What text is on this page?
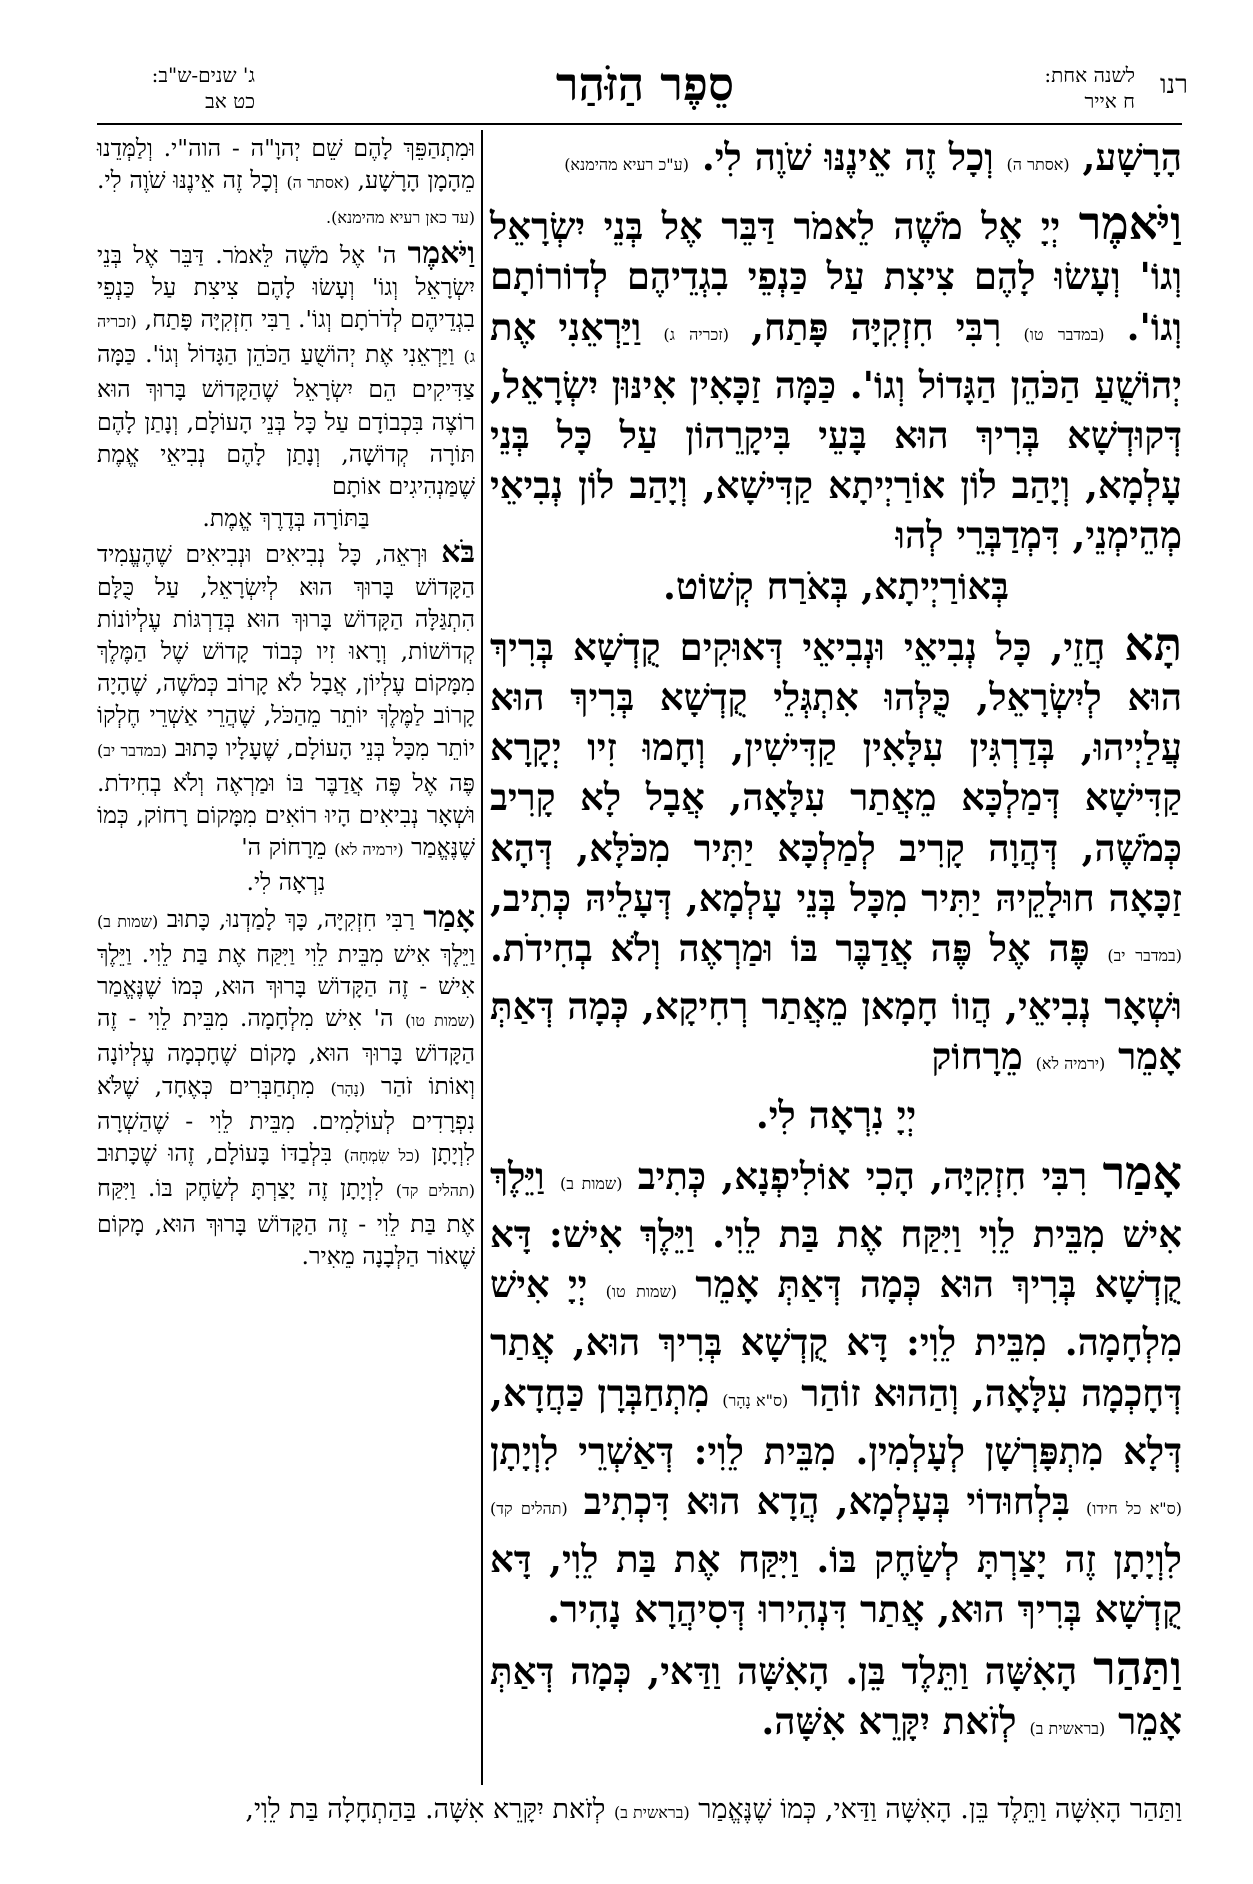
רנו
לשנה אחת:
ח אייר
סֵפֶר הַזֹּהַר
ג' שנים-ש"ב:
כט אב

הָרָשָׁע, (אסתר ה) וְכָל זֶה אֵינֶנּוּ שֹׁוֶה לִי. (ע"כ רעיא מהימנא)

וַיֹּאמֶר יְיָ אֶל מֹשֶׁה לֵאמֹר דַּבֵּר אֶל בְּנֵי יִשְׂרָאֵל וְגוֹ' וְעָשׂוּ לָהֶם צִיצִת עַל כַּנְפֵי בִגְדֵיהֶם לְדוֹרוֹתָם וְגוֹ'. (במדבר טו) רִבִּי חִזְקִיָּה פָּתַח, (זכריה ג) וַיַּרְאֵנִי אֶת יְהוֹשֻׁעַ הַכֹּהֵן הַגָּדוֹל וְגוֹ'. כַּמָּה זַכָּאִין אִינּוּן יִשְׂרָאֵל, דְּקוּדְשָׁא בְּרִיךְ הוּא בָּעֵי בִּיקָרֵהוֹן עַל כָּל בְּנֵי עָלְמָא, וְיָהַב לוֹן אוֹרַיְיתָא קַדִּישָׁא, וְיָהַב לוֹן נְבִיאֵי מְהֵימְנֵי, דִּמְדַבְּרֵי לְהוּ
בְּאוֹרַיְיתָא, בְּאֹרַח קְשׁוֹט.

תָּא חֲזֵי, כָּל נְבִיאֵי וּנְבִיאֵי דְּאוּקִים קֻדְשָׁא בְּרִיךְ הוּא לְיִשְׂרָאֵל, כֻּלְּהוּ אִתְגְּלֵי קֻדְשָׁא בְּרִיךְ הוּא עֲלַיְיהוּ, בְּדַרְגִּין עִלָּאִין קַדִּישִׁין, וְחָמוּ זִיו יְקָרָא קַדִּישָׁא דְּמַלְכָּא מֵאֲתַר עִלָּאָה, אֲבָל לָא קָרִיב כְּמֹשֶׁה, דְּהֲוָה קָרִיב לְמַלְכָּא יַתִּיר מִכֹּלָּא, דְּהָא זַכָּאָה חוּלָקֵיהּ יַתִּיר מִכָּל בְּנֵי עָלְמָא, דְּעָלֵיהּ כְּתִיב, (במדבר יב) פֶּה אֶל פֶּה אֲדַבֶּר בּוֹ וּמַרְאֶה וְלֹא בְחִידֹת. וּשְׁאָר נְבִיאֵי, הֲווֹ חָמָאן מֵאֲתַר רְחִיקָא, כְּמָה דְּאַתְּ אָמֵר (ירמיה לא) מֵרָחוֹק
יְיָ נִרְאָה לִי.

אָמַר רִבִּי חִזְקִיָּה, הָכִי אוֹלִיפְנָא, כְּתִיב (שמות ב) וַיֵּלֶךְ אִישׁ מִבֵּית לֵוִי וַיִּקַּח אֶת בַּת לֵוִי. וַיֵּלֶךְ אִישׁ: דָּא קֻדְשָׁא בְּרִיךְ הוּא כְּמָה דְּאַתְּ אָמֵר (שמות טו) יְיָ אִישׁ מִלְחָמָה. מִבֵּית לֵוִי: דָּא קֻדְשָׁא בְּרִיךְ הוּא, אֲתַר דְּחָכְמָה עִלָּאָה, וְהַהוּא זוֹהַר (ס"א נָהָר) מִתְחַבְּרָן כַּחֲדָא, דְּלָא מִתְפָּרְשָׁן לְעָלְמִין. מִבֵּית לֵוִי: דְּאַשְׁרֵי לִוְיָתָן (ס"א כל חידו) בִּלְחוּדוֹי בְּעָלְמָא, הֲדָא הוּא דִּכְתִיב (תהלים קד) לִוְיָתָן זֶה יָצַרְתָּ לְשַׂחֶק בּוֹ. וַיִּקַּח אֶת בַּת לֵוִי, דָּא קֻדְשָׁא בְּרִיךְ הוּא, אֲתַר דִּנְהִירוּ דְּסִיהֲרָא נָהִיר.

וַתַּהַר הָאִשָּׁה וַתֵּלֶד בֵּן. הָאִשָּׁה וַדַּאי, כְּמָה דְּאַתְּ אָמֵר (בראשית ב) לְזֹאת יִקָּרֵא אִשָּׁה.

וּמִתְהַפֵּךְ לָהֶם שֵׁם יְהוָ"ה - הוה"י. וְלַמְּדֵנוּ מֵהָמָן הָרָשָׁע, (אסתר ה) וְכָל זֶה אֵינֶנּוּ שֹׁוֶה לִי. (עד כאן רעיא מהימנא).

וַיֹּאמֶר ה' אֶל מֹשֶׁה לֵּאמֹר. דַּבֵּר אֶל בְּנֵי יִשְׂרָאֵל וְגוֹ' וְעָשׂוּ לָהֶם צִיצִת עַל כַּנְפֵי בִגְדֵיהֶם לְדֹרֹתָם וְגוֹ'. רַבִּי חִזְקִיָּה פָּתַח, (זכריה ג) וַיַּרְאֵנִי אֶת יְהוֹשֻׁעַ הַכֹּהֵן הַגָּדוֹל וְגוֹ'. כַּמָּה צַדִּיקִים הֵם יִשְׂרָאֵל שֶׁהַקָּדוֹשׁ בָּרוּךְ הוּא רוֹצֶה בִּכְבוֹדָם עַל כָּל בְּנֵי הָעוֹלָם, וְנָתַן לָהֶם תּוֹרָה קְדוֹשָׁה, וְנָתַן לָהֶם נְבִיאֵי אֱמֶת שֶׁמַּנְהִיגִים אוֹתָם
בַּתּוֹרָה בְּדֶרֶךְ אֱמֶת.

בֹּא וּרְאֵה, כָּל נְבִיאִים וּנְבִיאִים שֶׁהֶעֱמִיד הַקָּדוֹשׁ בָּרוּךְ הוּא לְיִשְׂרָאֵל, עַל כֻּלָּם הִתְגַּלָּה הַקָּדוֹשׁ בָּרוּךְ הוּא בְּדַרְגּוֹת עֶלְיוֹנוֹת קְדוֹשׁוֹת, וְרָאוּ זִיו כְּבוֹד קָדוֹשׁ שֶׁל הַמֶּלֶךְ מִמָּקוֹם עֶלְיוֹן, אֲבָל לֹא קָרוֹב כְּמֹשֶׁה, שֶׁהָיָה קָרוֹב לַמֶּלֶךְ יוֹתֵר מֵהַכֹּל, שֶׁהֲרֵי אַשְׁרֵי חֶלְקוֹ יוֹתֵר מִכָּל בְּנֵי הָעוֹלָם, שֶׁעָלָיו כָּתוּב (במדבר יב) פֶּה אֶל פֶּה אֲדַבֶּר בּוֹ וּמַרְאֶה וְלֹא בְחִידֹת. וּשְׁאָר נְבִיאִים הָיוּ רוֹאִים מִמָּקוֹם רָחוֹק, כְּמוֹ שֶׁנֶּאֱמַר (ירמיה לא) מֵרָחוֹק ה'
נִרְאָה לִי.

אָמַר רַבִּי חִזְקִיָּה, כָּךְ לָמַדְנוּ, כָּתוּב (שמות ב) וַיֵּלֶךְ אִישׁ מִבֵּית לֵוִי וַיִּקַּח אֶת בַּת לֵוִי. וַיֵּלֶךְ אִישׁ - זֶה הַקָּדוֹשׁ בָּרוּךְ הוּא, כְּמוֹ שֶׁנֶּאֱמַר (שמות טו) ה' אִישׁ מִלְחָמָה. מִבֵּית לֵוִי - זֶה הַקָּדוֹשׁ בָּרוּךְ הוּא, מָקוֹם שֶׁחָכְמָה עֶלְיוֹנָה וְאוֹתוֹ זֹהַר (נָהָר) מִתְחַבְּרִים כְּאֶחָד, שֶׁלֹּא נִפְרָדִים לְעוֹלָמִים. מִבֵּית לֵוִי - שֶׁהַשְׁרָה לִוְיָתָן (כל שִׂמְחָה) בִּלְבַדּוֹ בָּעוֹלָם, זֶהוּ שֶׁכָּתוּב (תהלים קד) לִוְיָתָן זֶה יָצַרְתָּ לְשַׂחֶק בּוֹ. וַיִּקַּח אֶת בַּת לֵוִי - זֶה הַקָּדוֹשׁ בָּרוּךְ הוּא, מָקוֹם שֶׁאוֹר הַלְּבָנָה מֵאִיר.

וַתַּהַר הָאִשָּׁה וַתֵּלֶד בֵּן. הָאִשָּׁה וַדַּאי, כְּמוֹ שֶׁנֶּאֱמַר (בראשית ב) לְזֹאת יִקָּרֵא אִשָּׁה. בַּהַתְחָלָה בַּת לֵוִי,
